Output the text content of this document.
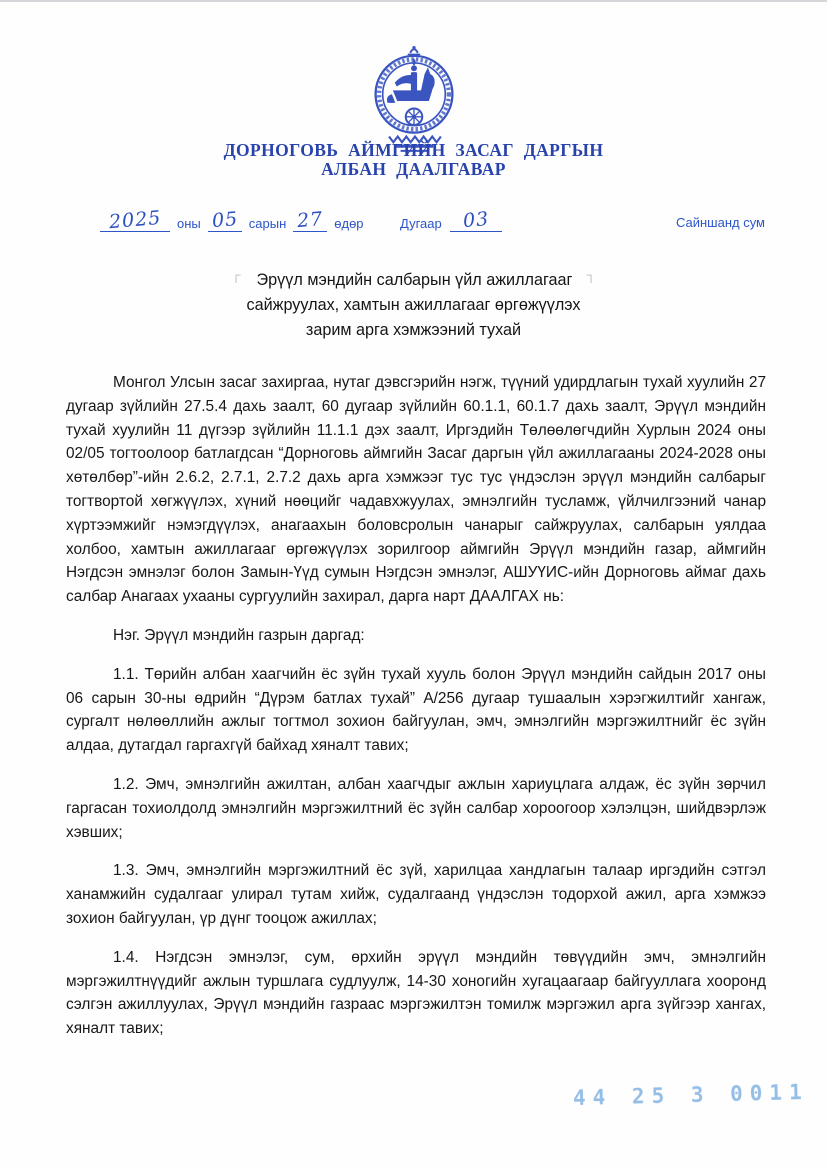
ДОРНОГОВЬ АЙМГИЙН ЗАСАГ ДАРГЫН
АЛБАН ДААЛГАВАР
2025	оны 05 сарын 27 өдөр	Дугаар	03	Сайншанд сум
┌ Эрүүл мэндийн салбарын үйл ажиллагааг ┐
сайжруулах, хамтын ажиллагааг өргөжүүлэх
зарим арга хэмжээний тухай

Монгол Улсын засаг захиргаа, нутаг дэвсгэрийн нэгж, түүний удирдлагын тухай хуулийн 27 дугаар зүйлийн 27.5.4 дахь заалт, 60 дугаар зүйлийн 60.1.1, 60.1.7 дахь заалт, Эрүүл мэндийн тухай хуулийн 11 дүгээр зүйлийн 11.1.1 дэх заалт, Иргэдийн Төлөөлөгчдийн Хурлын 2024 оны 02/05 тогтоолоор батлагдсан “Дорноговь аймгийн Засаг даргын үйл ажиллагааны 2024-2028 оны хөтөлбөр”-ийн 2.6.2, 2.7.1, 2.7.2 дахь арга хэмжээг тус тус үндэслэн эрүүл мэндийн салбарыг тогтвортой хөгжүүлэх, хүний нөөцийг чадавхжуулах, эмнэлгийн тусламж, үйлчилгээний чанар хүртээмжийг нэмэгдүүлэх, анагаахын боловсролын чанарыг сайжруулах, салбарын уялдаа холбоо, хамтын ажиллагааг өргөжүүлэх зорилгоор аймгийн Эрүүл мэндийн газар, аймгийн Нэгдсэн эмнэлэг болон Замын-Үүд сумын Нэгдсэн эмнэлэг, АШУҮИС-ийн Дорноговь аймаг дахь салбар Анагаах ухааны сургуулийн захирал, дарга нарт ДААЛГАХ нь:

Нэг. Эрүүл мэндийн газрын даргад:

1.1. Төрийн албан хаагчийн ёс зүйн тухай хууль болон Эрүүл мэндийн сайдын 2017 оны 06 сарын 30-ны өдрийн “Дүрэм батлах тухай” А/256 дугаар тушаалын хэрэгжилтийг хангаж, сургалт нөлөөллийн ажлыг тогтмол зохион байгуулан, эмч, эмнэлгийн мэргэжилтнийг ёс зүйн алдаа, дутагдал гаргахгүй байхад хяналт тавих;

1.2. Эмч, эмнэлгийн ажилтан, албан хаагчдыг ажлын хариуцлага алдаж, ёс зүйн зөрчил гаргасан тохиолдолд эмнэлгийн мэргэжилтний ёс зүйн салбар хороогоор хэлэлцэн, шийдвэрлэж хэвших;

1.3. Эмч, эмнэлгийн мэргэжилтний ёс зүй, харилцаа хандлагын талаар иргэдийн сэтгэл ханамжийн судалгааг улирал тутам хийж, судалгаанд үндэслэн тодорхой ажил, арга хэмжээ зохион байгуулан, үр дүнг тооцож ажиллах;

1.4. Нэгдсэн эмнэлэг, сум, өрхийн эрүүл мэндийн төвүүдийн эмч, эмнэлгийн мэргэжилтнүүдийг ажлын туршлага судлуулж, 14-30 хоногийн хугацаагаар байгууллага хооронд сэлгэн ажиллуулах, Эрүүл мэндийн газраас мэргэжилтэн томилж мэргэжил арга зүйгээр хангах, хяналт тавих;

44 25 3 0011
